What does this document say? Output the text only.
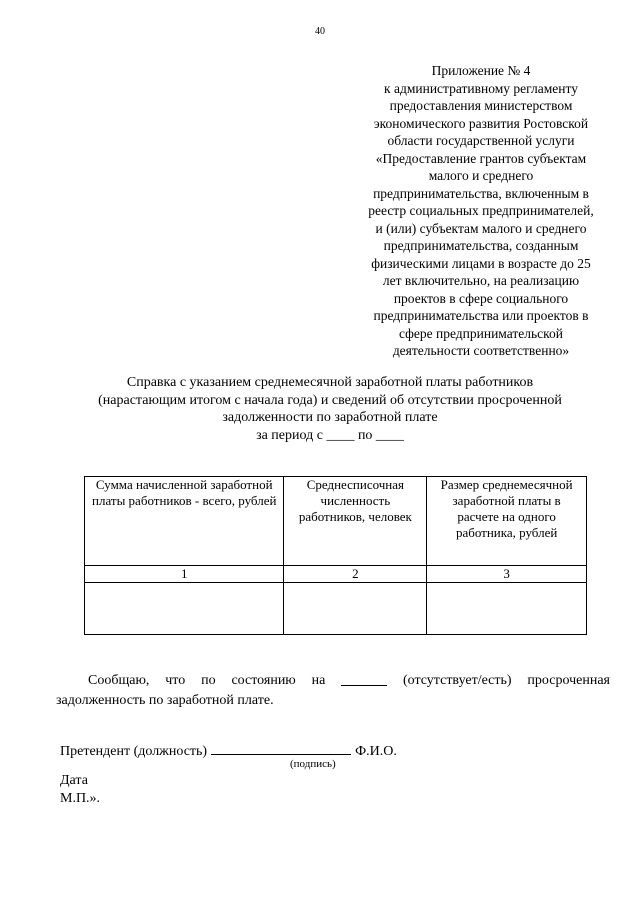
40
Приложение № 4
к административному регламенту
предоставления министерством
экономического развития Ростовской
области государственной услуги
«Предоставление грантов субъектам
малого и среднего
предпринимательства, включенным в
реестр социальных предпринимателей,
и (или) субъектам малого и среднего
предпринимательства, созданным
физическими лицами в возрасте до 25
лет включительно, на реализацию
проектов в сфере социального
предпринимательства или проектов в
сфере предпринимательской
деятельности соответственно»
Справка с указанием среднемесячной заработной платы работников
(нарастающим итогом с начала года) и сведений об отсутствии просроченной
задолженности по заработной плате
за период с ____ по ____
Сумма начисленной заработной платы работников - всего, рублей	Среднесписочная численность работников, человек	Размер среднемесячной заработной платы в расчете на одного работника, рублей
1	2	3

Сообщаю, что по состоянию на	(отсутствует/есть) просроченная
задолженность по заработной плате.
Претендент (должность)	Ф.И.О.
(подпись)
Дата
М.П.».
